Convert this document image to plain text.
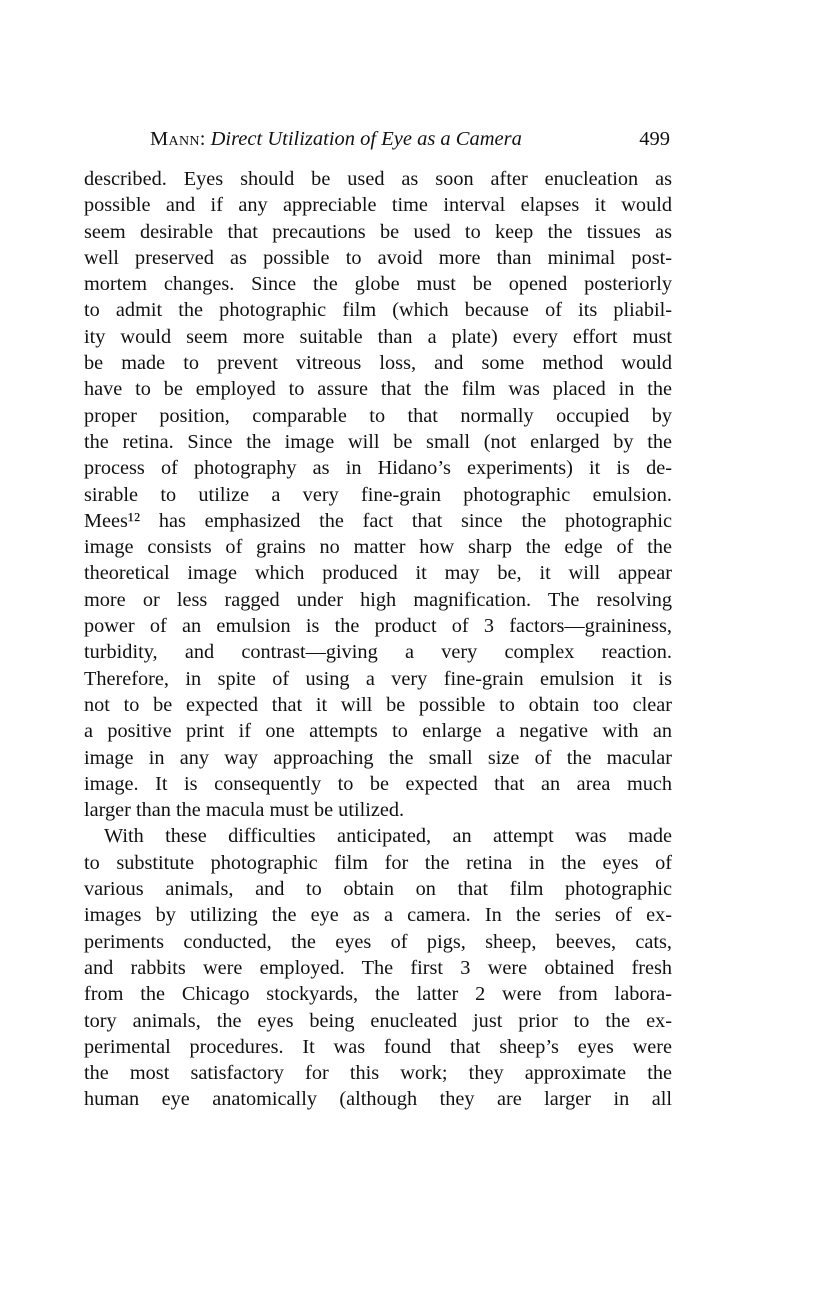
Mann: Direct Utilization of Eye as a Camera	499
described. Eyes should be used as soon after enucleation as
possible and if any appreciable time interval elapses it would
seem desirable that precautions be used to keep the tissues as
well preserved as possible to avoid more than minimal post-
mortem changes. Since the globe must be opened posteriorly
to admit the photographic film (which because of its pliabil-
ity would seem more suitable than a plate) every effort must
be made to prevent vitreous loss, and some method would
have to be employed to assure that the film was placed in the
proper position, comparable to that normally occupied by
the retina. Since the image will be small (not enlarged by the
process of photography as in Hidano’s experiments) it is de-
sirable to utilize a very fine-grain photographic emulsion.
Mees¹² has emphasized the fact that since the photographic
image consists of grains no matter how sharp the edge of the
theoretical image which produced it may be, it will appear
more or less ragged under high magnification. The resolving
power of an emulsion is the product of 3 factors—graininess,
turbidity, and contrast—giving a very complex reaction.
Therefore, in spite of using a very fine-grain emulsion it is
not to be expected that it will be possible to obtain too clear
a positive print if one attempts to enlarge a negative with an
image in any way approaching the small size of the macular
image. It is consequently to be expected that an area much
larger than the macula must be utilized.
With these difficulties anticipated, an attempt was made
to substitute photographic film for the retina in the eyes of
various animals, and to obtain on that film photographic
images by utilizing the eye as a camera. In the series of ex-
periments conducted, the eyes of pigs, sheep, beeves, cats,
and rabbits were employed. The first 3 were obtained fresh
from the Chicago stockyards, the latter 2 were from labora-
tory animals, the eyes being enucleated just prior to the ex-
perimental procedures. It was found that sheep’s eyes were
the most satisfactory for this work; they approximate the
human eye anatomically (although they are larger in all
